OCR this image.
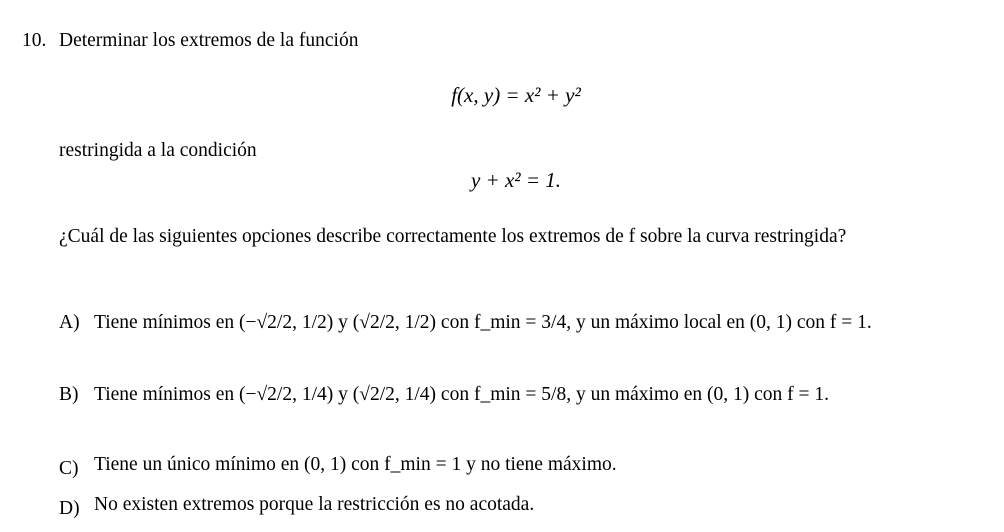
10. Determinar los extremos de la función
f(x, y) = x² + y²
restringida a la condición
y + x² = 1.
¿Cuál de las siguientes opciones describe correctamente los extremos de f sobre la curva restringida?
A) Tiene mínimos en (−√2/2, 1/2) y (√2/2, 1/2) con f_min = 3/4, y un máximo local en (0, 1) con f = 1.
B) Tiene mínimos en (−√2/2, 1/4) y (√2/2, 1/4) con f_min = 5/8, y un máximo en (0, 1) con f = 1.
C) Tiene un único mínimo en (0, 1) con f_min = 1 y no tiene máximo.
D) No existen extremos porque la restricción es no acotada.
